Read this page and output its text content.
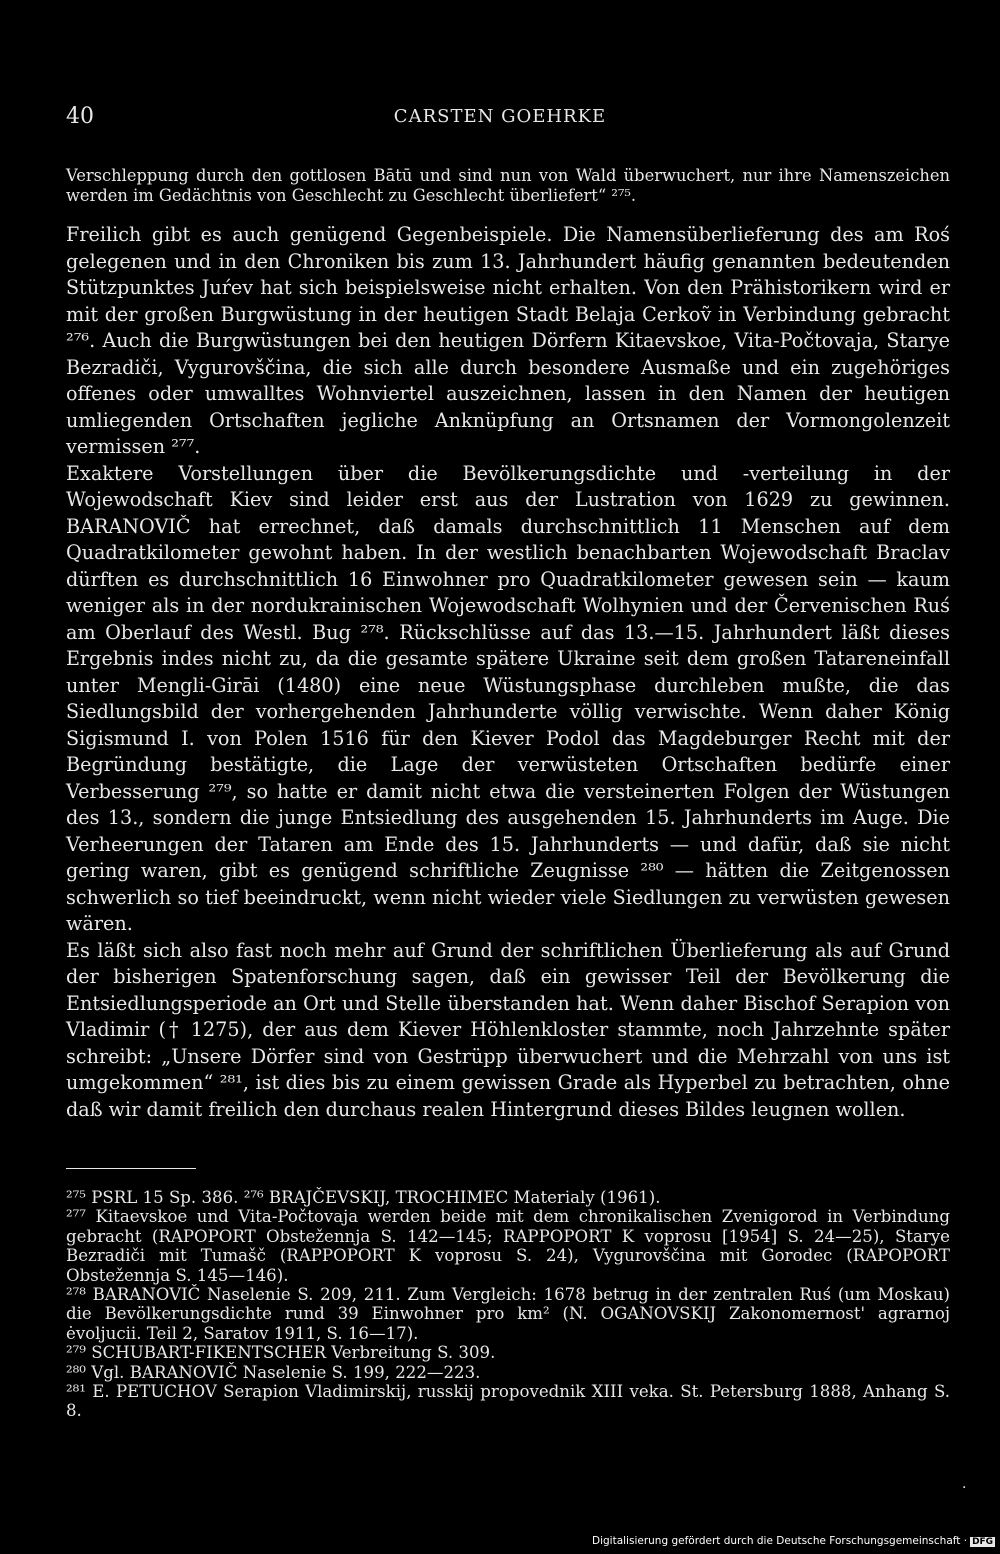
40	CARSTEN GOEHRKE

Verschleppung durch den gottlosen Bātū und sind nun von Wald überwuchert, nur ihre Namenszeichen werden im Gedächtnis von Geschlecht zu Geschlecht überliefert“ ²⁷⁵.

Freilich gibt es auch genügend Gegenbeispiele. Die Namensüberlieferung des am Roś gelegenen und in den Chroniken bis zum 13. Jahrhundert häufig genannten bedeutenden Stützpunktes Juŕev hat sich beispielsweise nicht erhalten. Von den Prähistorikern wird er mit der großen Burgwüstung in der heutigen Stadt Belaja Cerkoṽ in Verbindung gebracht ²⁷⁶. Auch die Burgwüstungen bei den heutigen Dörfern Kitaevskoe, Vita-Počtovaja, Starye Bezradiči, Vygurovščina, die sich alle durch besondere Ausmaße und ein zugehöriges offenes oder umwalltes Wohnviertel auszeichnen, lassen in den Namen der heutigen umliegenden Ortschaften jegliche Anknüpfung an Ortsnamen der Vormongolenzeit vermissen ²⁷⁷.

Exaktere Vorstellungen über die Bevölkerungsdichte und -verteilung in der Wojewodschaft Kiev sind leider erst aus der Lustration von 1629 zu gewinnen. BARANOVIČ hat errechnet, daß damals durchschnittlich 11 Menschen auf dem Quadratkilometer gewohnt haben. In der westlich benachbarten Wojewodschaft Braclav dürften es durchschnittlich 16 Einwohner pro Quadratkilometer gewesen sein — kaum weniger als in der nordukrainischen Wojewodschaft Wolhynien und der Červenischen Ruś am Oberlauf des Westl. Bug ²⁷⁸. Rückschlüsse auf das 13.—15. Jahrhundert läßt dieses Ergebnis indes nicht zu, da die gesamte spätere Ukraine seit dem großen Tatareneinfall unter Mengli-Girāi (1480) eine neue Wüstungsphase durchleben mußte, die das Siedlungsbild der vorhergehenden Jahrhunderte völlig verwischte. Wenn daher König Sigismund I. von Polen 1516 für den Kiever Podol das Magdeburger Recht mit der Begründung bestätigte, die Lage der verwüsteten Ortschaften bedürfe einer Verbesserung ²⁷⁹, so hatte er damit nicht etwa die versteinerten Folgen der Wüstungen des 13., sondern die junge Entsiedlung des ausgehenden 15. Jahrhunderts im Auge. Die Verheerungen der Tataren am Ende des 15. Jahrhunderts — und dafür, daß sie nicht gering waren, gibt es genügend schriftliche Zeugnisse ²⁸⁰ — hätten die Zeitgenossen schwerlich so tief beeindruckt, wenn nicht wieder viele Siedlungen zu verwüsten gewesen wären.

Es läßt sich also fast noch mehr auf Grund der schriftlichen Überlieferung als auf Grund der bisherigen Spatenforschung sagen, daß ein gewisser Teil der Bevölkerung die Entsiedlungsperiode an Ort und Stelle überstanden hat. Wenn daher Bischof Serapion von Vladimir († 1275), der aus dem Kiever Höhlenkloster stammte, noch Jahrzehnte später schreibt: „Unsere Dörfer sind von Gestrüpp überwuchert und die Mehrzahl von uns ist umgekommen“ ²⁸¹, ist dies bis zu einem gewissen Grade als Hyperbel zu betrachten, ohne daß wir damit freilich den durchaus realen Hintergrund dieses Bildes leugnen wollen.

²⁷⁵ PSRL 15 Sp. 386. ²⁷⁶ BRAJČEVSKIJ, TROCHIMEC Materialy (1961).

²⁷⁷ Kitaevskoe und Vita-Počtovaja werden beide mit dem chronikalischen Zvenigorod in Verbindung gebracht (RAPOPORT Obstežennja S. 142—145; RAPPOPORT K voprosu [1954] S. 24—25), Starye Bezradiči mit Tumašč (RAPPOPORT K voprosu S. 24), Vygurovščina mit Gorodec (RAPOPORT Obstežennja S. 145—146).

²⁷⁸ BARANOVIČ Naselenie S. 209, 211. Zum Vergleich: 1678 betrug in der zentralen Ruś (um Moskau) die Bevölkerungsdichte rund 39 Einwohner pro km² (N. OGANOVSKIJ Zakonomernost' agrarnoj ėvoljucii. Teil 2, Saratov 1911, S. 16—17).

²⁷⁹ SCHUBART-FIKENTSCHER Verbreitung S. 309.

²⁸⁰ Vgl. BARANOVIČ Naselenie S. 199, 222—223.

²⁸¹ E. PETUCHOV Serapion Vladimirskij, russkij propovednik XIII veka. St. Petersburg 1888, Anhang S. 8.

·
Digitalisierung gefördert durch die Deutsche Forschungsgemeinschaft · DFG
